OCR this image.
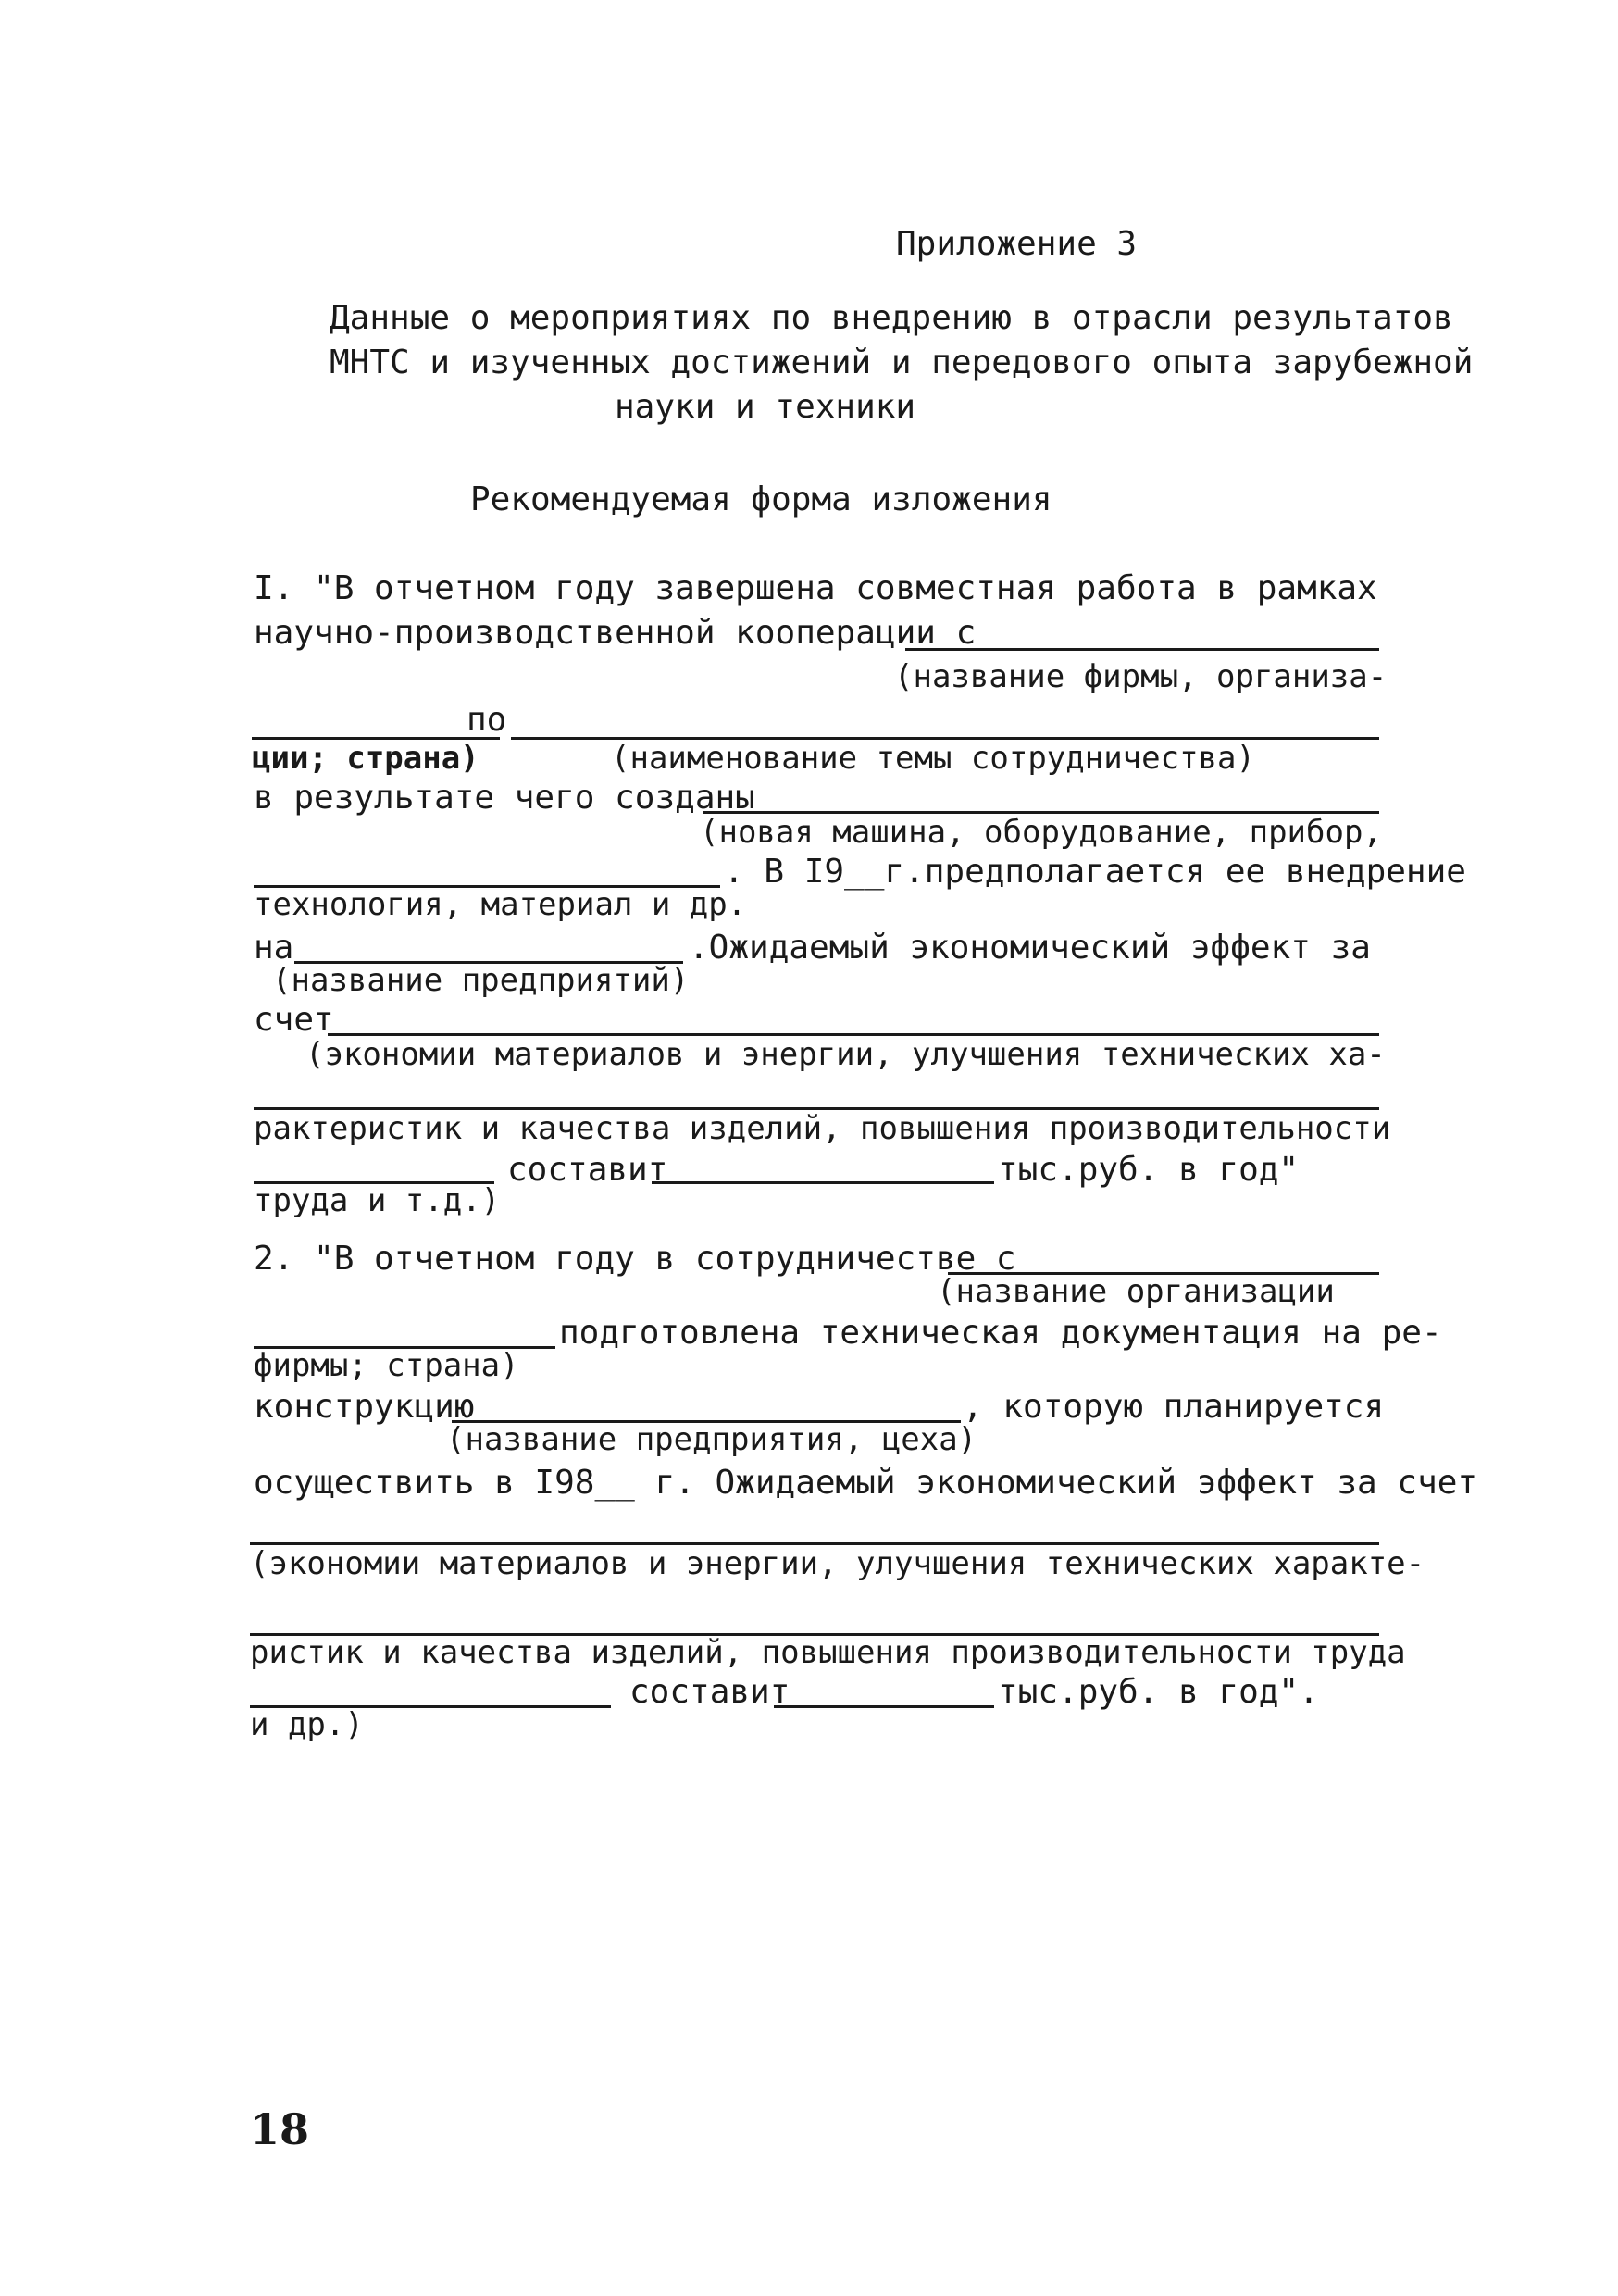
Приложение 3

Данные о мероприятиях по внедрению в отрасли результатов

МНТС и изученных достижений и передового опыта зарубежной

науки и техники

Рекомендуемая форма изложения

I. "В отчетном году завершена совместная работа в рамках

научно-производственной кооперации с

(название фирмы, организа-

по

ции; страна)	(наименование темы сотрудничества)

в результате чего созданы

(новая машина, оборудование, прибор,

. В I9__г.предполагается ее внедрение

технология, материал и др.

на	.Ожидаемый экономический эффект за

(название предприятий)

счет

(экономии материалов и энергии, улучшения технических ха-

рактеристик и качества изделий, повышения производительности

составит	тыс.руб. в год"

труда и т.д.)

2. "В отчетном году в сотрудничестве с

(название организации

подготовлена техническая документация на ре-

фирмы; страна)

конструкцию	, которую планируется

(название предприятия, цеха)

осуществить в I98__ г. Ожидаемый экономический эффект за счет

(экономии материалов и энергии, улучшения технических характе-

ристик и качества изделий, повышения производительности труда

составит	тыс.руб. в год".

и др.)

18
